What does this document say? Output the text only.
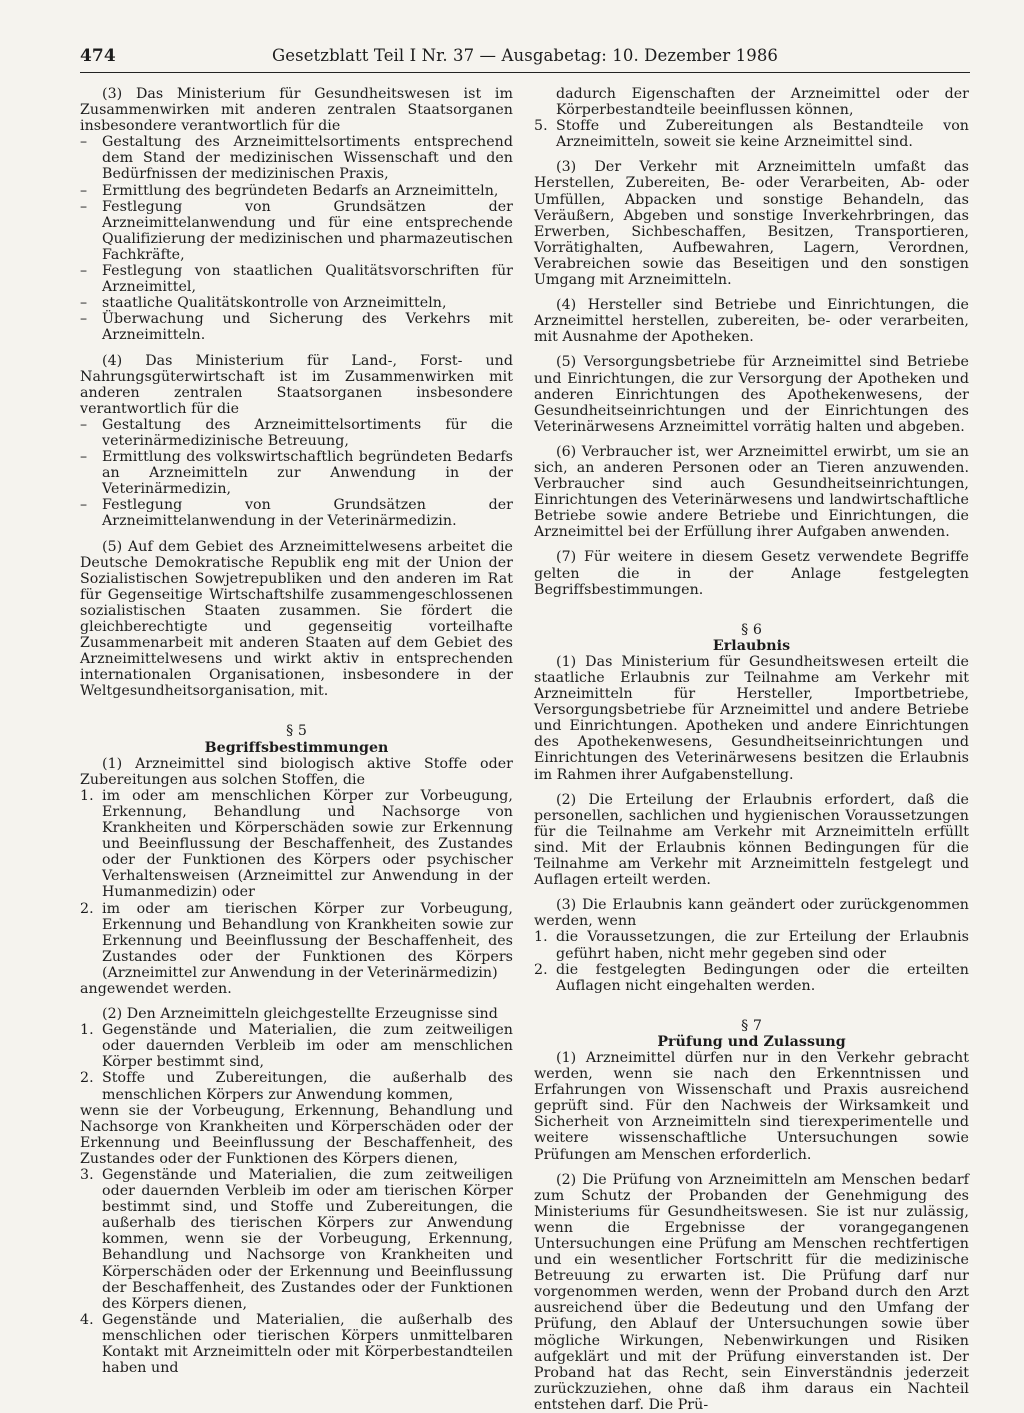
474	Gesetzblatt Teil I Nr. 37 — Ausgabetag: 10. Dezember 1986

(3) Das Ministerium für Gesundheitswesen ist im Zusammenwirken mit anderen zentralen Staatsorganen insbesondere verantwortlich für die

– Gestaltung des Arzneimittelsortiments entsprechend dem Stand der medizinischen Wissenschaft und den Bedürfnissen der medizinischen Praxis,
– Ermittlung des begründeten Bedarfs an Arzneimitteln,
– Festlegung von Grundsätzen der Arzneimittelanwendung und für eine entsprechende Qualifizierung der medizinischen und pharmazeutischen Fachkräfte,
– Festlegung von staatlichen Qualitätsvorschriften für Arzneimittel,
– staatliche Qualitätskontrolle von Arzneimitteln,
– Überwachung und Sicherung des Verkehrs mit Arzneimitteln.

(4) Das Ministerium für Land-, Forst- und Nahrungsgüterwirtschaft ist im Zusammenwirken mit anderen zentralen Staatsorganen insbesondere verantwortlich für die

– Gestaltung des Arzneimittelsortiments für die veterinärmedizinische Betreuung,
– Ermittlung des volkswirtschaftlich begründeten Bedarfs an Arzneimitteln zur Anwendung in der Veterinärmedizin,
– Festlegung von Grundsätzen der Arzneimittelanwendung in der Veterinärmedizin.

(5) Auf dem Gebiet des Arzneimittelwesens arbeitet die Deutsche Demokratische Republik eng mit der Union der Sozialistischen Sowjetrepubliken und den anderen im Rat für Gegenseitige Wirtschaftshilfe zusammengeschlossenen sozialistischen Staaten zusammen. Sie fördert die gleichberechtigte und gegenseitig vorteilhafte Zusammenarbeit mit anderen Staaten auf dem Gebiet des Arzneimittelwesens und wirkt aktiv in entsprechenden internationalen Organisationen, insbesondere in der Weltgesundheitsorganisation, mit.

§ 5

Begriffsbestimmungen

(1) Arzneimittel sind biologisch aktive Stoffe oder Zubereitungen aus solchen Stoffen, die

1. im oder am menschlichen Körper zur Vorbeugung, Erkennung, Behandlung und Nachsorge von Krankheiten und Körperschäden sowie zur Erkennung und Beeinflussung der Beschaffenheit, des Zustandes oder der Funktionen des Körpers oder psychischer Verhaltensweisen (Arzneimittel zur Anwendung in der Humanmedizin) oder
2. im oder am tierischen Körper zur Vorbeugung, Erkennung und Behandlung von Krankheiten sowie zur Erkennung und Beeinflussung der Beschaffenheit, des Zustandes oder der Funktionen des Körpers (Arzneimittel zur Anwendung in der Veterinärmedizin)

angewendet werden.

(2) Den Arzneimitteln gleichgestellte Erzeugnisse sind

1. Gegenstände und Materialien, die zum zeitweiligen oder dauernden Verbleib im oder am menschlichen Körper bestimmt sind,
2. Stoffe und Zubereitungen, die außerhalb des menschlichen Körpers zur Anwendung kommen,

wenn sie der Vorbeugung, Erkennung, Behandlung und Nachsorge von Krankheiten und Körperschäden oder der Erkennung und Beeinflussung der Beschaffenheit, des Zustandes oder der Funktionen des Körpers dienen,

3. Gegenstände und Materialien, die zum zeitweiligen oder dauernden Verbleib im oder am tierischen Körper bestimmt sind, und Stoffe und Zubereitungen, die außerhalb des tierischen Körpers zur Anwendung kommen, wenn sie der Vorbeugung, Erkennung, Behandlung und Nachsorge von Krankheiten und Körperschäden oder der Erkennung und Beeinflussung der Beschaffenheit, des Zustandes oder der Funktionen des Körpers dienen,
4. Gegenstände und Materialien, die außerhalb des menschlichen oder tierischen Körpers unmittelbaren Kontakt mit Arzneimitteln oder mit Körperbestandteilen haben und

dadurch Eigenschaften der Arzneimittel oder der Körperbestandteile beeinflussen können,

5. Stoffe und Zubereitungen als Bestandteile von Arzneimitteln, soweit sie keine Arzneimittel sind.

(3) Der Verkehr mit Arzneimitteln umfaßt das Herstellen, Zubereiten, Be- oder Verarbeiten, Ab- oder Umfüllen, Abpacken und sonstige Behandeln, das Veräußern, Abgeben und sonstige Inverkehrbringen, das Erwerben, Sichbeschaffen, Besitzen, Transportieren, Vorrätighalten, Aufbewahren, Lagern, Verordnen, Verabreichen sowie das Beseitigen und den sonstigen Umgang mit Arzneimitteln.

(4) Hersteller sind Betriebe und Einrichtungen, die Arzneimittel herstellen, zubereiten, be- oder verarbeiten, mit Ausnahme der Apotheken.

(5) Versorgungsbetriebe für Arzneimittel sind Betriebe und Einrichtungen, die zur Versorgung der Apotheken und anderen Einrichtungen des Apothekenwesens, der Gesundheitseinrichtungen und der Einrichtungen des Veterinärwesens Arzneimittel vorrätig halten und abgeben.

(6) Verbraucher ist, wer Arzneimittel erwirbt, um sie an sich, an anderen Personen oder an Tieren anzuwenden. Verbraucher sind auch Gesundheitseinrichtungen, Einrichtungen des Veterinärwesens und landwirtschaftliche Betriebe sowie andere Betriebe und Einrichtungen, die Arzneimittel bei der Erfüllung ihrer Aufgaben anwenden.

(7) Für weitere in diesem Gesetz verwendete Begriffe gelten die in der Anlage festgelegten Begriffsbestimmungen.

§ 6

Erlaubnis

(1) Das Ministerium für Gesundheitswesen erteilt die staatliche Erlaubnis zur Teilnahme am Verkehr mit Arzneimitteln für Hersteller, Importbetriebe, Versorgungsbetriebe für Arzneimittel und andere Betriebe und Einrichtungen. Apotheken und andere Einrichtungen des Apothekenwesens, Gesundheitseinrichtungen und Einrichtungen des Veterinärwesens besitzen die Erlaubnis im Rahmen ihrer Aufgabenstellung.

(2) Die Erteilung der Erlaubnis erfordert, daß die personellen, sachlichen und hygienischen Voraussetzungen für die Teilnahme am Verkehr mit Arzneimitteln erfüllt sind. Mit der Erlaubnis können Bedingungen für die Teilnahme am Verkehr mit Arzneimitteln festgelegt und Auflagen erteilt werden.

(3) Die Erlaubnis kann geändert oder zurückgenommen werden, wenn

1. die Voraussetzungen, die zur Erteilung der Erlaubnis geführt haben, nicht mehr gegeben sind oder
2. die festgelegten Bedingungen oder die erteilten Auflagen nicht eingehalten werden.

§ 7

Prüfung und Zulassung

(1) Arzneimittel dürfen nur in den Verkehr gebracht werden, wenn sie nach den Erkenntnissen und Erfahrungen von Wissenschaft und Praxis ausreichend geprüft sind. Für den Nachweis der Wirksamkeit und Sicherheit von Arzneimitteln sind tierexperimentelle und weitere wissenschaftliche Untersuchungen sowie Prüfungen am Menschen erforderlich.

(2) Die Prüfung von Arzneimitteln am Menschen bedarf zum Schutz der Probanden der Genehmigung des Ministeriums für Gesundheitswesen. Sie ist nur zulässig, wenn die Ergebnisse der vorangegangenen Untersuchungen eine Prüfung am Menschen rechtfertigen und ein wesentlicher Fortschritt für die medizinische Betreuung zu erwarten ist. Die Prüfung darf nur vorgenommen werden, wenn der Proband durch den Arzt ausreichend über die Bedeutung und den Umfang der Prüfung, den Ablauf der Untersuchungen sowie über mögliche Wirkungen, Nebenwirkungen und Risiken aufgeklärt und mit der Prüfung einverstanden ist. Der Proband hat das Recht, sein Einverständnis jederzeit zurückzuziehen, ohne daß ihm daraus ein Nachteil entstehen darf. Die Prü-
